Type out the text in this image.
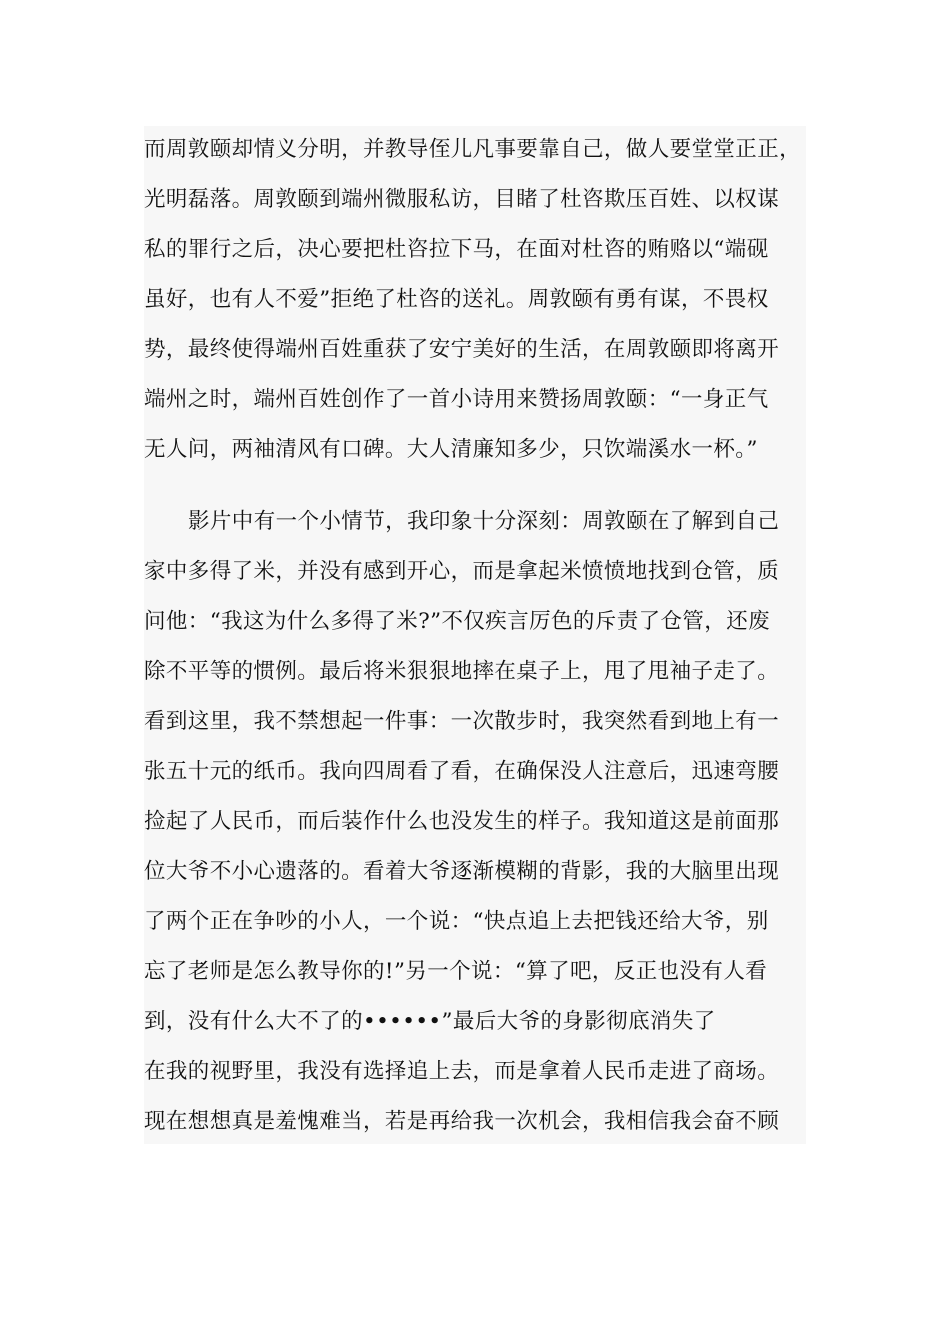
而周敦颐却情义分明，并教导侄儿凡事要靠自己，做人要堂堂正正，
光明磊落。周敦颐到端州微服私访，目睹了杜咨欺压百姓、以权谋
私的罪行之后，决心要把杜咨拉下马，在面对杜咨的贿赂以“端砚
虽好，也有人不爱”拒绝了杜咨的送礼。周敦颐有勇有谋，不畏权
势，最终使得端州百姓重获了安宁美好的生活，在周敦颐即将离开
端州之时，端州百姓创作了一首小诗用来赞扬周敦颐：“一身正气
无人问，两袖清风有口碑。大人清廉知多少，只饮端溪水一杯。”
影片中有一个小情节，我印象十分深刻：周敦颐在了解到自己
家中多得了米，并没有感到开心，而是拿起米愤愤地找到仓管，质
问他：“我这为什么多得了米?”不仅疾言厉色的斥责了仓管，还废
除不平等的惯例。最后将米狠狠地摔在桌子上，甩了甩袖子走了。
看到这里，我不禁想起一件事：一次散步时，我突然看到地上有一
张五十元的纸币。我向四周看了看，在确保没人注意后，迅速弯腰
捡起了人民币，而后装作什么也没发生的样子。我知道这是前面那
位大爷不小心遗落的。看着大爷逐渐模糊的背影，我的大脑里出现
了两个正在争吵的小人，一个说：“快点追上去把钱还给大爷，别
忘了老师是怎么教导你的!”另一个说：“算了吧，反正也没有人看
到，没有什么大不了的••••••”最后大爷的身影彻底消失了
在我的视野里，我没有选择追上去，而是拿着人民币走进了商场。
现在想想真是羞愧难当，若是再给我一次机会，我相信我会奋不顾
